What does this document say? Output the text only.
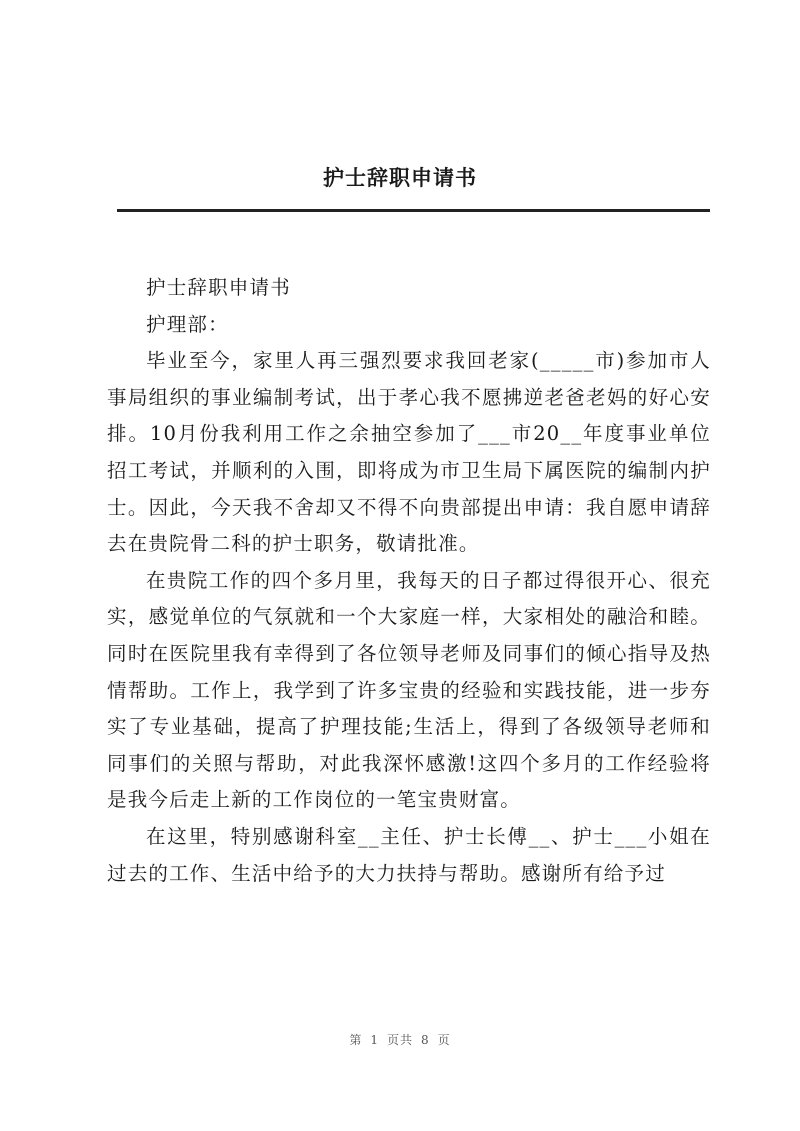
护士辞职申请书

护士辞职申请书

护理部：

毕业至今，家里人再三强烈要求我回老家(_____市)参加市人事局组织的事业编制考试，出于孝心我不愿拂逆老爸老妈的好心安排。10月份我利用工作之余抽空参加了___市20__年度事业单位招工考试，并顺利的入围，即将成为市卫生局下属医院的编制内护士。因此，今天我不舍却又不得不向贵部提出申请：我自愿申请辞去在贵院骨二科的护士职务，敬请批准。

在贵院工作的四个多月里，我每天的日子都过得很开心、很充实，感觉单位的气氛就和一个大家庭一样，大家相处的融洽和睦。同时在医院里我有幸得到了各位领导老师及同事们的倾心指导及热情帮助。工作上，我学到了许多宝贵的经验和实践技能，进一步夯实了专业基础，提高了护理技能;生活上，得到了各级领导老师和同事们的关照与帮助，对此我深怀感激!这四个多月的工作经验将是我今后走上新的工作岗位的一笔宝贵财富。

在这里，特别感谢科室__主任、护士长傅__、护士___小姐在过去的工作、生活中给予的大力扶持与帮助。感谢所有给予过

第 1 页共 8 页
